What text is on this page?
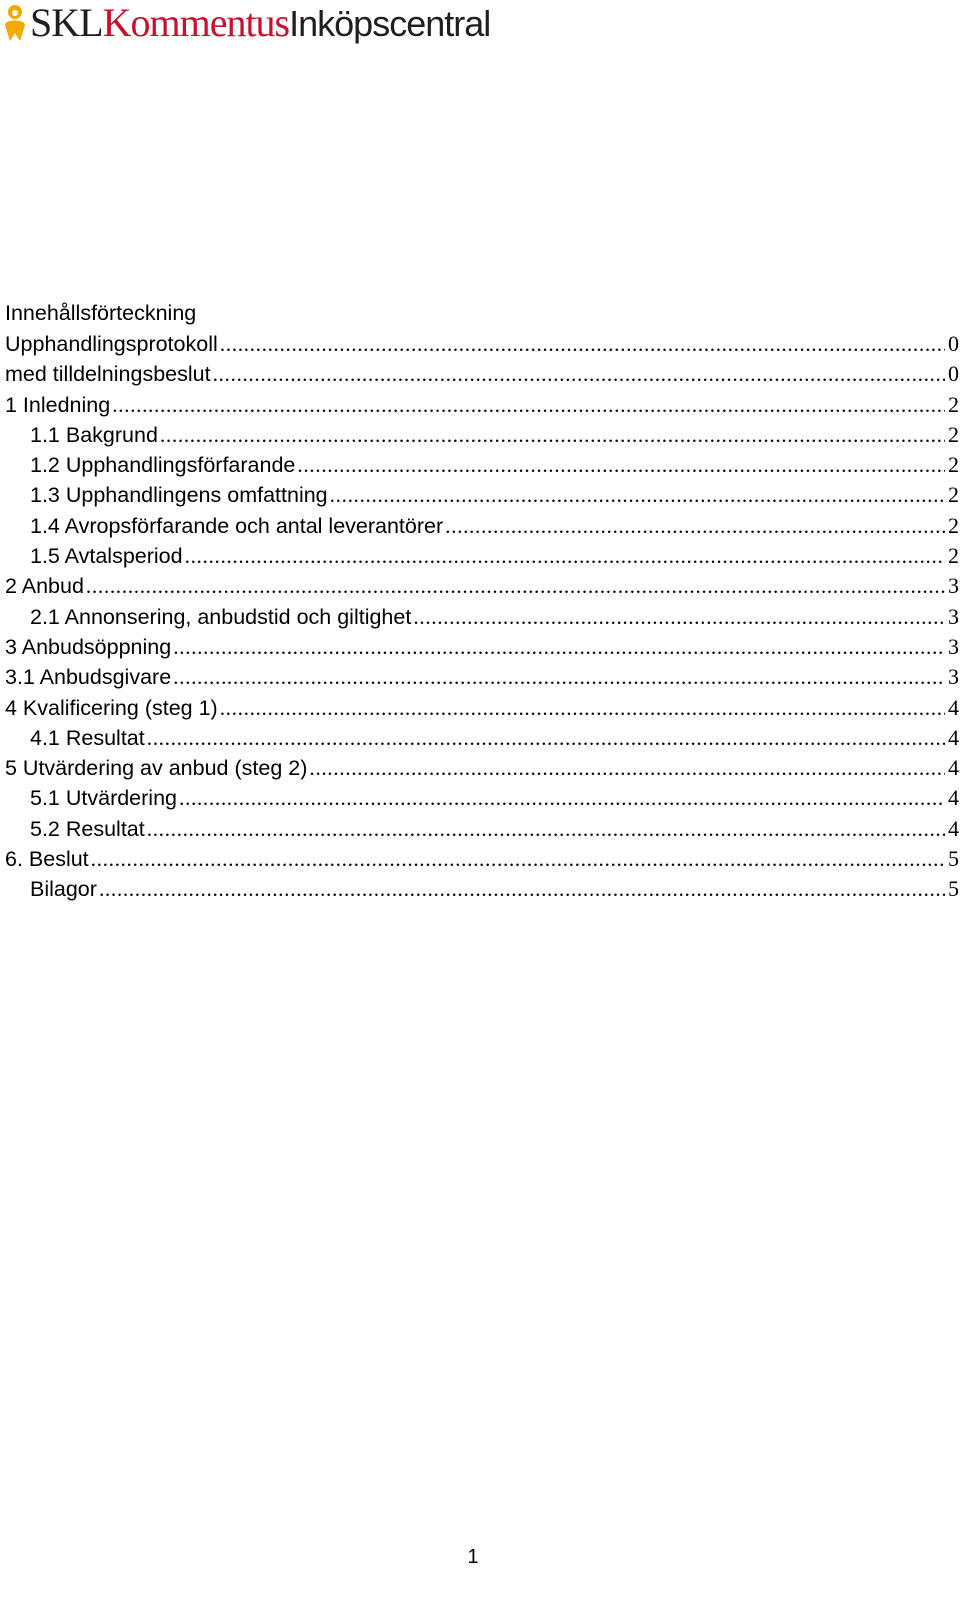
SKLKommentusInköpscentral
Innehållsförteckning
Upphandlingsprotokoll .....	0
med tilldelningsbeslut .....	0
1 Inledning .....	2
1.1 Bakgrund .....	2
1.2 Upphandlingsförfarande .....	2
1.3 Upphandlingens omfattning .....	2
1.4 Avropsförfarande och antal leverantörer .....	2
1.5 Avtalsperiod .....	2
2 Anbud .....	3
2.1 Annonsering, anbudstid och giltighet .....	3
3 Anbudsöppning .....	3
3.1 Anbudsgivare .....	3
4 Kvalificering (steg 1) .....	4
4.1 Resultat .....	4
5 Utvärdering av anbud (steg 2) .....	4
5.1 Utvärdering .....	4
5.2 Resultat .....	4
6. Beslut .....	5
Bilagor .....	5
1
